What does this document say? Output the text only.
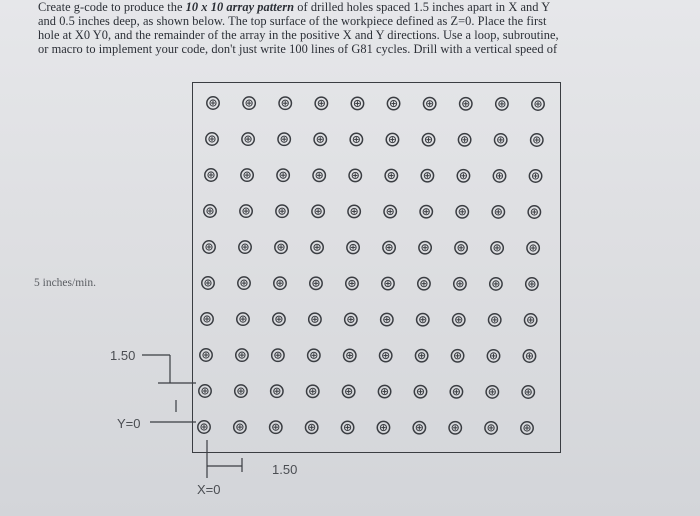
Create g-code to produce the 10 x 10 array pattern of drilled holes spaced 1.5 inches apart in X and Y
and 0.5 inches deep, as shown below. The top surface of the workpiece defined as Z=0. Place the first
hole at X0 Y0, and the remainder of the array in the positive X and Y directions. Use a loop, subroutine,
or macro to implement your code, don't just write 100 lines of G81 cycles. Drill with a vertical speed of
5 inches/min.
1.50
Y=0
1.50
X=0
